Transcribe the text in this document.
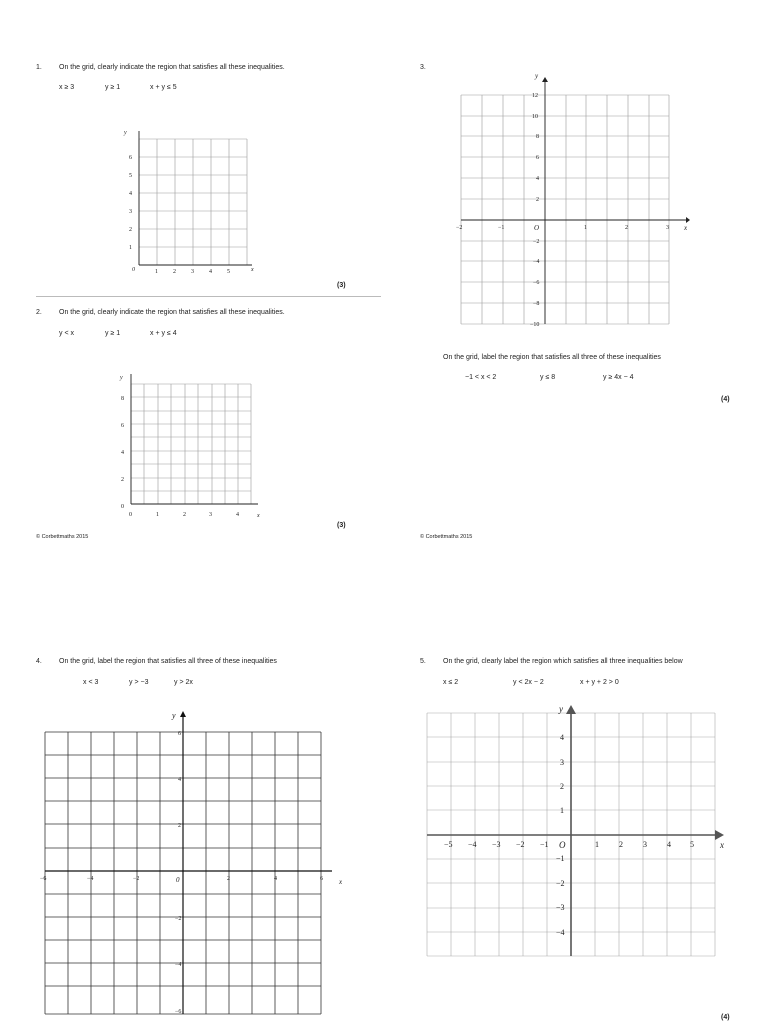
1. On the grid, clearly indicate the region that satisfies all these inequalities.
x ≥ 3	y ≥ 1	x + y ≤ 5
y
x
0	1	2	3	4	5
1
2
3
4
5
6
(3)
2. On the grid, clearly indicate the region that satisfies all these inequalities.
y < x	y ≥ 1	x + y ≤ 4
y
x
0	1	2	3	4
0
2
4
6
8
(3)
© Corbettmaths 2015
3.
y
x
O
−2	−1	1	2	3
12
10
8
6
4
2
−2
−4
−6
−8
−10
On the grid, label the region that satisfies all three of these inequalities
−1 < x < 2	y ≤ 8	y ≥ 4x − 4
(4)
© Corbettmaths 2015
4. On the grid, label the region that satisfies all three of these inequalities
x < 3	y > −3	y > 2x
y
x
0
−6	−4	−2	2	4	6
6
4
2
−2
−4
−6
5. On the grid, clearly label the region which satisfies all three inequalities below
x ≤ 2	y < 2x − 2	x + y + 2 > 0
y
x
O
−5 −4 −3 −2 −1	1	2	3	4 5
4
3
2
1
−1
−2
−3
−4
(4)
